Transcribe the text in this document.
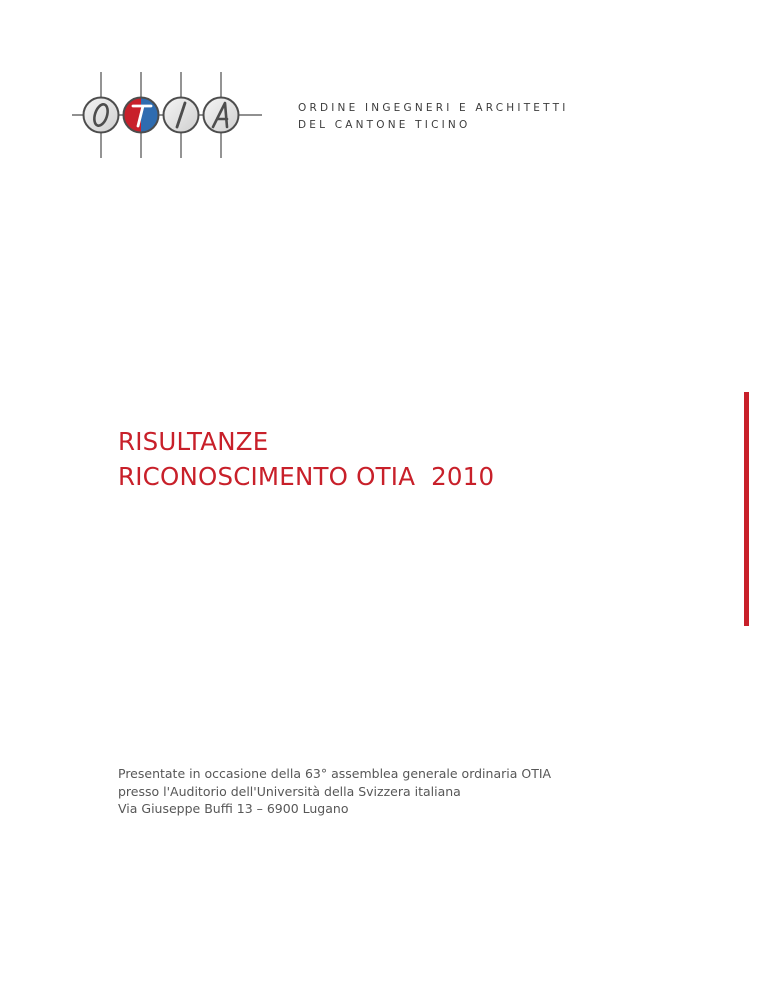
ORDINE INGEGNERI E ARCHITETTI
DEL CANTONE TICINO
RISULTANZE
RICONOSCIMENTO OTIA  2010
Presentate in occasione della 63° assemblea generale ordinaria OTIA
presso l'Auditorio dell'Università della Svizzera italiana
Via Giuseppe Buffi 13 – 6900 Lugano
